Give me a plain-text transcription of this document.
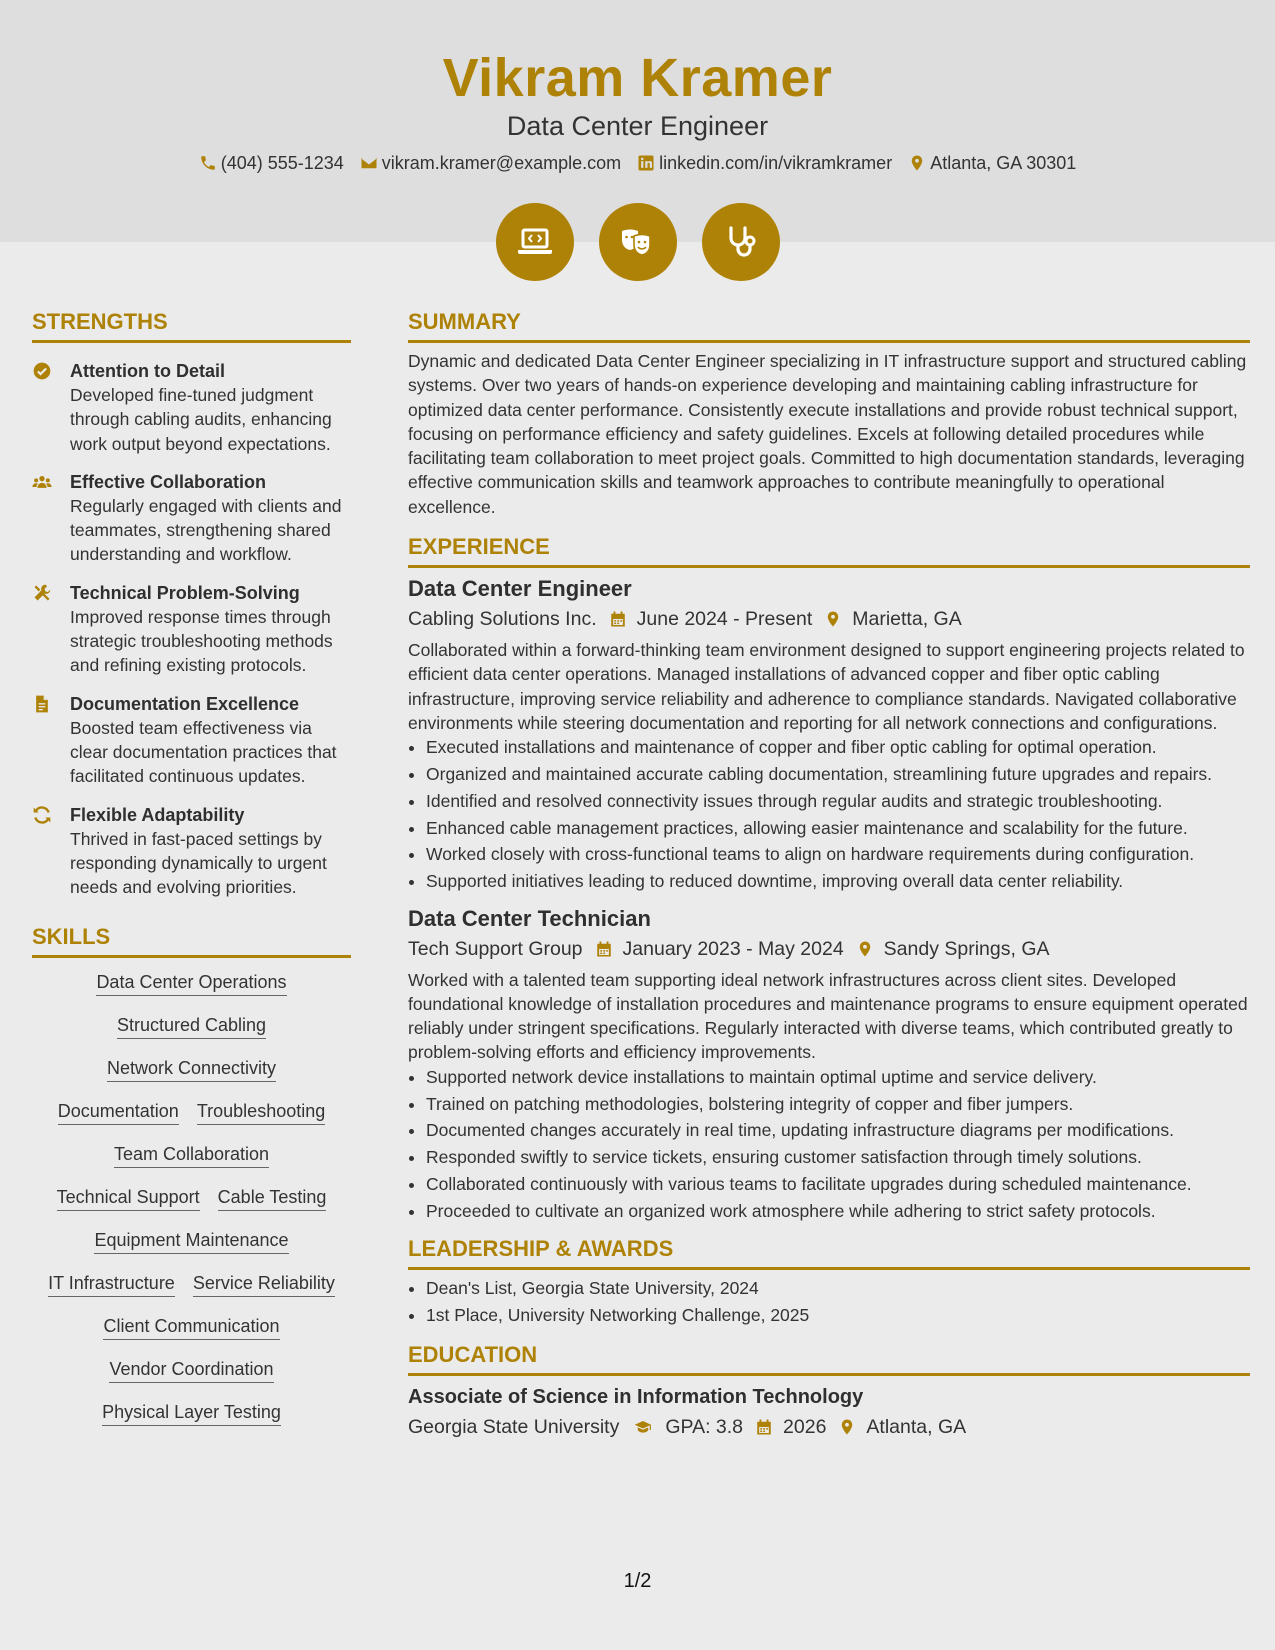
Vikram Kramer
Data Center Engineer
(404) 555-1234 vikram.kramer@example.com linkedin.com/in/vikramkramer Atlanta, GA 30301
STRENGTHS
Attention to Detail
Developed fine-tuned judgment through cabling audits, enhancing work output beyond expectations.
Effective Collaboration
Regularly engaged with clients and teammates, strengthening shared understanding and workflow.
Technical Problem-Solving
Improved response times through strategic troubleshooting methods and refining existing protocols.
Documentation Excellence
Boosted team effectiveness via clear documentation practices that facilitated continuous updates.
Flexible Adaptability
Thrived in fast-paced settings by responding dynamically to urgent needs and evolving priorities.
SKILLS
Data Center Operations
Structured Cabling
Network Connectivity
Documentation Troubleshooting
Team Collaboration
Technical Support Cable Testing
Equipment Maintenance
IT Infrastructure Service Reliability
Client Communication
Vendor Coordination
Physical Layer Testing
SUMMARY

Dynamic and dedicated Data Center Engineer specializing in IT infrastructure support and structured cabling systems. Over two years of hands-on experience developing and maintaining cabling infrastructure for optimized data center performance. Consistently execute installations and provide robust technical support, focusing on performance efficiency and safety guidelines. Excels at following detailed procedures while facilitating team collaboration to meet project goals. Committed to high documentation standards, leveraging effective communication skills and teamwork approaches to contribute meaningfully to operational excellence.

EXPERIENCE
Data Center Engineer
Cabling Solutions Inc. June 2024 - Present Marietta, GA

Collaborated within a forward-thinking team environment designed to support engineering projects related to efficient data center operations. Managed installations of advanced copper and fiber optic cabling infrastructure, improving service reliability and adherence to compliance standards. Navigated collaborative environments while steering documentation and reporting for all network connections and configurations.

• Executed installations and maintenance of copper and fiber optic cabling for optimal operation.
• Organized and maintained accurate cabling documentation, streamlining future upgrades and repairs.
• Identified and resolved connectivity issues through regular audits and strategic troubleshooting.
• Enhanced cable management practices, allowing easier maintenance and scalability for the future.
• Worked closely with cross-functional teams to align on hardware requirements during configuration.
• Supported initiatives leading to reduced downtime, improving overall data center reliability.
Data Center Technician
Tech Support Group January 2023 - May 2024 Sandy Springs, GA

Worked with a talented team supporting ideal network infrastructures across client sites. Developed foundational knowledge of installation procedures and maintenance programs to ensure equipment operated reliably under stringent specifications. Regularly interacted with diverse teams, which contributed greatly to problem-solving efforts and efficiency improvements.

• Supported network device installations to maintain optimal uptime and service delivery.
• Trained on patching methodologies, bolstering integrity of copper and fiber jumpers.
• Documented changes accurately in real time, updating infrastructure diagrams per modifications.
• Responded swiftly to service tickets, ensuring customer satisfaction through timely solutions.
• Collaborated continuously with various teams to facilitate upgrades during scheduled maintenance.
• Proceeded to cultivate an organized work atmosphere while adhering to strict safety protocols.
LEADERSHIP & AWARDS
• Dean's List, Georgia State University, 2024
• 1st Place, University Networking Challenge, 2025
EDUCATION
Associate of Science in Information Technology
Georgia State University GPA: 3.8 2026 Atlanta, GA
1/2
